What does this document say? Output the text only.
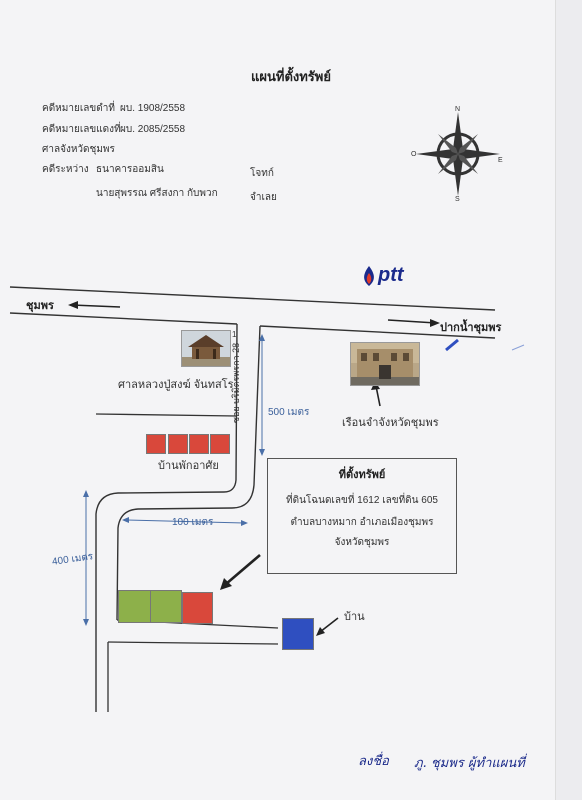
แผนที่ตั้งทรัพย์
คดีหมายเลขดำที่ ผบ. 1908/2558
คดีหมายเลขแดงที่ ผบ. 2085/2558
ศาลจังหวัดชุมพร
คดีระหว่าง ธนาคารออมสิน	โจทก์
นายสุพรรณ ศรีสงกา กับพวก	จำเลย
N
S
E
O
ptt
ชุมพร
ปากน้ำชุมพร
ซอย บริมิตรพรกา 28
1
ศาลหลวงปู่สงฆ์ จันทสโร
เรือนจำจังหวัดชุมพร
500 เมตร
บ้านพักอาศัย
100 เมตร
400 เมตร
ที่ตั้งทรัพย์
ที่ดินโฉนดเลขที่ 1612 เลขที่ดิน 605
ตำบลบางหมาก อำเภอเมืองชุมพร
จังหวัดชุมพร
บ้าน
ลงชื่อ ภู. ชุมพร ผู้ทำแผนที่
